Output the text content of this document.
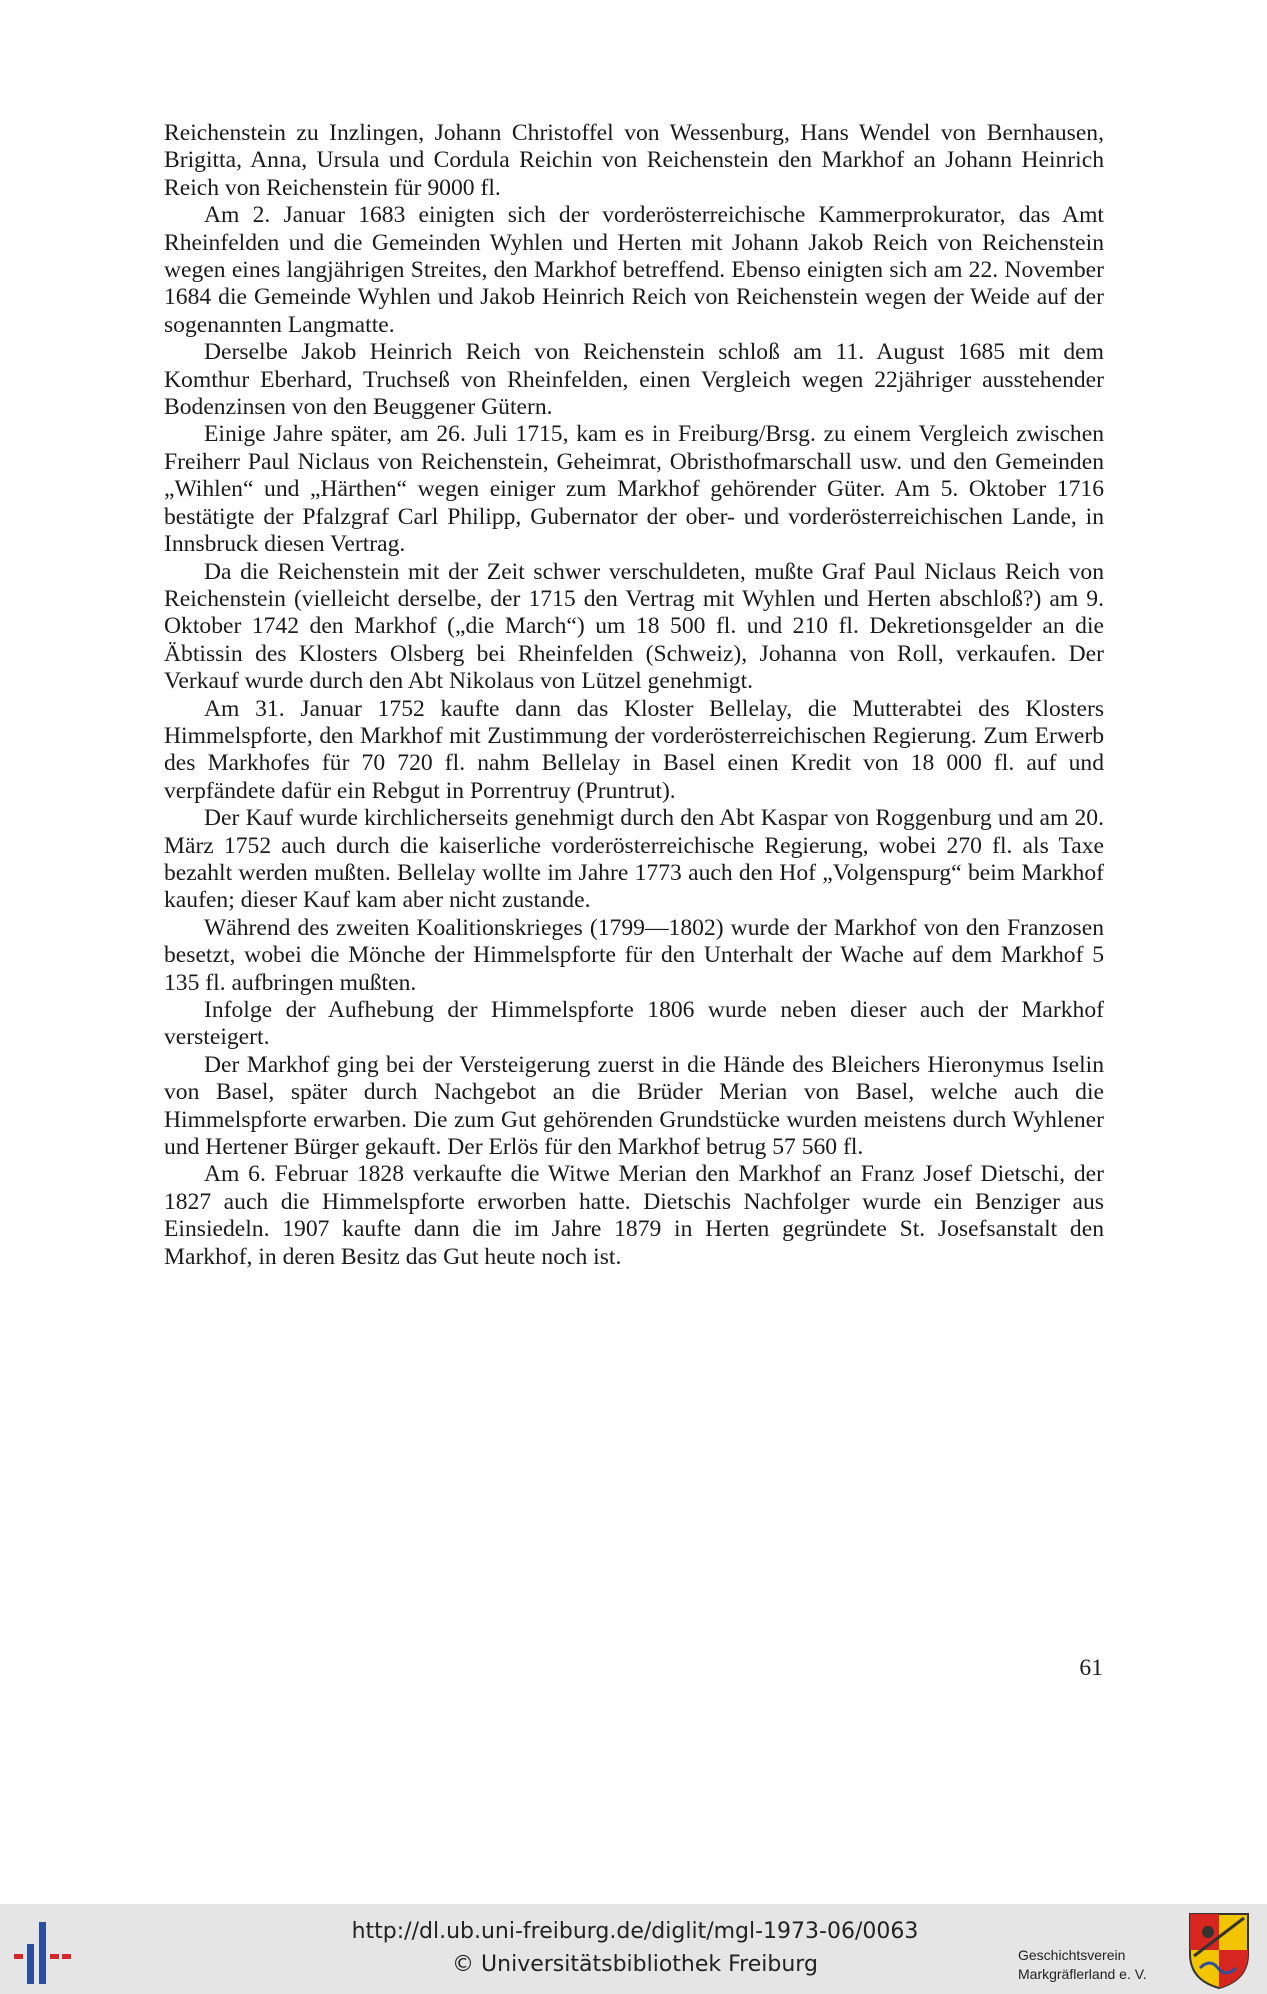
Reichenstein zu Inzlingen, Johann Christoffel von Wessenburg, Hans Wendel von Bernhausen, Brigitta, Anna, Ursula und Cordula Reichin von Reichenstein den Markhof an Johann Heinrich Reich von Reichenstein für 9000 fl.

Am 2. Januar 1683 einigten sich der vorderösterreichische Kammerprokurator, das Amt Rheinfelden und die Gemeinden Wyhlen und Herten mit Johann Jakob Reich von Reichenstein wegen eines langjährigen Streites, den Markhof betreffend. Ebenso einigten sich am 22. November 1684 die Gemeinde Wyhlen und Jakob Heinrich Reich von Reichenstein wegen der Weide auf der sogenannten Langmatte.

Derselbe Jakob Heinrich Reich von Reichenstein schloß am 11. August 1685 mit dem Komthur Eberhard, Truchseß von Rheinfelden, einen Vergleich wegen 22jähriger ausstehender Bodenzinsen von den Beuggener Gütern.

Einige Jahre später, am 26. Juli 1715, kam es in Freiburg/Brsg. zu einem Vergleich zwischen Freiherr Paul Niclaus von Reichenstein, Geheimrat, Obristhofmarschall usw. und den Gemeinden „Wihlen“ und „Härthen“ wegen einiger zum Markhof gehörender Güter. Am 5. Oktober 1716 bestätigte der Pfalzgraf Carl Philipp, Gubernator der ober- und vorderösterreichischen Lande, in Innsbruck diesen Vertrag.

Da die Reichenstein mit der Zeit schwer verschuldeten, mußte Graf Paul Niclaus Reich von Reichenstein (vielleicht derselbe, der 1715 den Vertrag mit Wyhlen und Herten abschloß?) am 9. Oktober 1742 den Markhof („die March“) um 18 500 fl. und 210 fl. Dekretionsgelder an die Äbtissin des Klosters Olsberg bei Rheinfelden (Schweiz), Johanna von Roll, verkaufen. Der Verkauf wurde durch den Abt Nikolaus von Lützel genehmigt.

Am 31. Januar 1752 kaufte dann das Kloster Bellelay, die Mutterabtei des Klosters Himmelspforte, den Markhof mit Zustimmung der vorderösterreichischen Regierung. Zum Erwerb des Markhofes für 70 720 fl. nahm Bellelay in Basel einen Kredit von 18 000 fl. auf und verpfändete dafür ein Rebgut in Porrentruy (Pruntrut).

Der Kauf wurde kirchlicherseits genehmigt durch den Abt Kaspar von Roggenburg und am 20. März 1752 auch durch die kaiserliche vorderösterreichische Regierung, wobei 270 fl. als Taxe bezahlt werden mußten. Bellelay wollte im Jahre 1773 auch den Hof „Volgenspurg“ beim Markhof kaufen; dieser Kauf kam aber nicht zustande.

Während des zweiten Koalitionskrieges (1799—1802) wurde der Markhof von den Franzosen besetzt, wobei die Mönche der Himmelspforte für den Unterhalt der Wache auf dem Markhof 5 135 fl. aufbringen mußten.

Infolge der Aufhebung der Himmelspforte 1806 wurde neben dieser auch der Markhof versteigert.

Der Markhof ging bei der Versteigerung zuerst in die Hände des Bleichers Hieronymus Iselin von Basel, später durch Nachgebot an die Brüder Merian von Basel, welche auch die Himmelspforte erwarben. Die zum Gut gehörenden Grundstücke wurden meistens durch Wyhlener und Hertener Bürger gekauft. Der Erlös für den Markhof betrug 57 560 fl.

Am 6. Februar 1828 verkaufte die Witwe Merian den Markhof an Franz Josef Dietschi, der 1827 auch die Himmelspforte erworben hatte. Dietschis Nachfolger wurde ein Benziger aus Einsiedeln. 1907 kaufte dann die im Jahre 1879 in Herten gegründete St. Josefsanstalt den Markhof, in deren Besitz das Gut heute noch ist.

61
http://dl.ub.uni-freiburg.de/diglit/mgl-1973-06/0063
© Universitätsbibliothek Freiburg	Geschichtsverein
Markgräflerland e. V.
